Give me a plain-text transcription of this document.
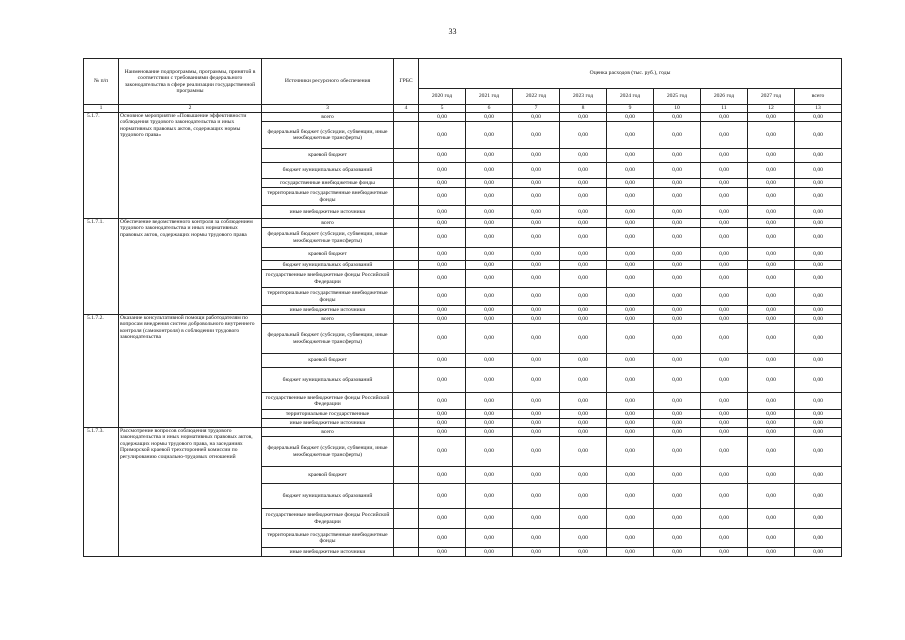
33
№ п/п	Наименование подпрограммы, программы, принятой в соответствии с требованиями федерального законодательства в сфере реализации государственной программы	Источники ресурсного обеспечения	ГРБС	Оценка расходов (тыс. руб.), годы								
				2020 год	2021 год	2022 год	2023 год	2024 год	2025 год	2026 год	2027 год	всего
1	2	3	4	5	6	7	8	9	10	11	12	13
5.1.7.	Основное мероприятие «Повышение эффективности соблюдения трудового законодательства и иных нормативных правовых актов, содержащих нормы трудового права»	всего		0,00	0,00	0,00	0,00	0,00	0,00	0,00	0,00	0,00
		федеральный бюджет (субсидии, субвенции, иные межбюджетные трансферты)		0,00	0,00	0,00	0,00	0,00	0,00	0,00	0,00	0,00
		краевой бюджет		0,00	0,00	0,00	0,00	0,00	0,00	0,00	0,00	0,00
		бюджет муниципальных образований		0,00	0,00	0,00	0,00	0,00	0,00	0,00	0,00	0,00
		государственные внебюджетные фонды		0,00	0,00	0,00	0,00	0,00	0,00	0,00	0,00	0,00
		территориальные государственные внебюджетные фонды		0,00	0,00	0,00	0,00	0,00	0,00	0,00	0,00	0,00
		иные внебюджетные источники		0,00	0,00	0,00	0,00	0,00	0,00	0,00	0,00	0,00
5.1.7.1.	Обеспечение ведомственного контроля за соблюдением трудового законодательства и иных нормативных правовых актов, содержащих нормы трудового права	всего		0,00	0,00	0,00	0,00	0,00	0,00	0,00	0,00	0,00
		федеральный бюджет (субсидии, субвенции, иные межбюджетные трансферты)		0,00	0,00	0,00	0,00	0,00	0,00	0,00	0,00	0,00
		краевой бюджет		0,00	0,00	0,00	0,00	0,00	0,00	0,00	0,00	0,00
		бюджет муниципальных образований		0,00	0,00	0,00	0,00	0,00	0,00	0,00	0,00	0,00
		государственные внебюджетные фонды Российской Федерации		0,00	0,00	0,00	0,00	0,00	0,00	0,00	0,00	0,00
		территориальные государственные внебюджетные фонды		0,00	0,00	0,00	0,00	0,00	0,00	0,00	0,00	0,00
		иные внебюджетные источники		0,00	0,00	0,00	0,00	0,00	0,00	0,00	0,00	0,00
5.1.7.2.	Оказание консультативной помощи работодателям по вопросам внедрения систем добровольного внутреннего контроля (самоконтроля) в соблюдении трудового законодательства	всего		0,00	0,00	0,00	0,00	0,00	0,00	0,00	0,00	0,00
		федеральный бюджет (субсидии, субвенции, иные межбюджетные трансферты)		0,00	0,00	0,00	0,00	0,00	0,00	0,00	0,00	0,00
		краевой бюджет		0,00	0,00	0,00	0,00	0,00	0,00	0,00	0,00	0,00
		бюджет муниципальных образований		0,00	0,00	0,00	0,00	0,00	0,00	0,00	0,00	0,00
		государственные внебюджетные фонды Российской Федерации		0,00	0,00	0,00	0,00	0,00	0,00	0,00	0,00	0,00
		территориальные государственные		0,00	0,00	0,00	0,00	0,00	0,00	0,00	0,00	0,00
		иные внебюджетные источники		0,00	0,00	0,00	0,00	0,00	0,00	0,00	0,00	0,00
5.1.7.3.	Рассмотрение вопросов соблюдения трудового законодательства и иных нормативных правовых актов, содержащих нормы трудового права, на заседаниях Приморской краевой трехсторонней комиссии по регулированию социально-трудовых отношений	всего		0,00	0,00	0,00	0,00	0,00	0,00	0,00	0,00	0,00
		федеральный бюджет (субсидии, субвенции, иные межбюджетные трансферты)		0,00	0,00	0,00	0,00	0,00	0,00	0,00	0,00	0,00
		краевой бюджет		0,00	0,00	0,00	0,00	0,00	0,00	0,00	0,00	0,00
		бюджет муниципальных образований		0,00	0,00	0,00	0,00	0,00	0,00	0,00	0,00	0,00
		государственные внебюджетные фонды Российской Федерации		0,00	0,00	0,00	0,00	0,00	0,00	0,00	0,00	0,00
		территориальные государственные внебюджетные фонды		0,00	0,00	0,00	0,00	0,00	0,00	0,00	0,00	0,00
		иные внебюджетные источники		0,00	0,00	0,00	0,00	0,00	0,00	0,00	0,00	0,00
